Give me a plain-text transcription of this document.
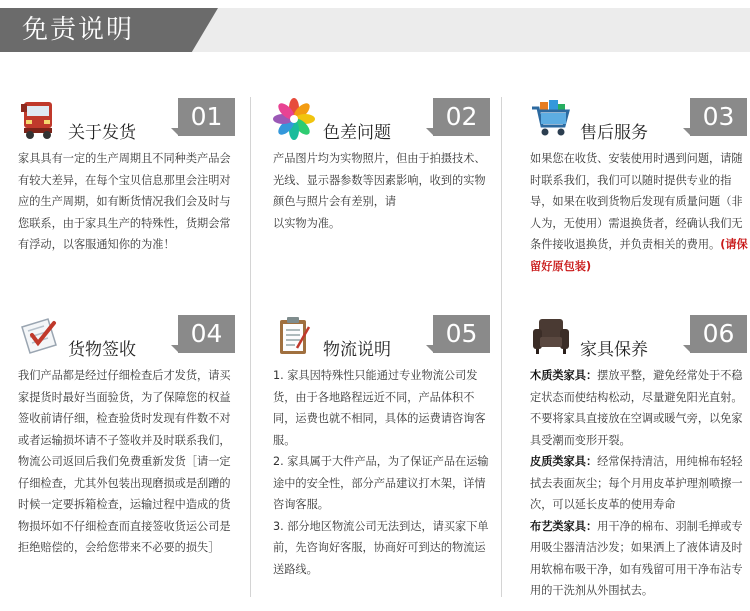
免责说明
关于发货
01
家具具有一定的生产周期且不同种类产品会有较大差异，在每个宝贝信息那里会注明对应的生产周期，如有断货情况我们会及时与您联系，由于家具生产的特殊性，货期会常有浮动，以客服通知你的为准！
色差问题
02
产品图片均为实物照片，但由于拍摄技术、光线、显示器参数等因素影响，收到的实物颜色与照片会有差别，请
以实物为准。
售后服务
03
如果您在收货、安装使用时遇到问题，请随时联系我们，我们可以随时提供专业的指导，如果在收到货物后发现有质量问题（非人为，无使用）需退换货者，经确认我们无条件接收退换货，并负责相关的费用。(请保留好原包装)
货物签收
04
我们产品都是经过仔细检查后才发货，请买家提货时最好当面验货，为了保障您的权益签收前请仔细，检查验货时发现有件数不对或者运输损坏请不子签收并及时联系我们，物流公司返回后我们免费重新发货［请一定仔细检查，尤其外包装出现磨损或是刮蹭的时候一定要拆箱检查，运输过程中造成的货物损坏如不仔细检查而直接签收货运公司是拒绝赔偿的，会给您带来不必要的损失］
物流说明
05
1. 家具因特殊性只能通过专业物流公司发货，由于各地路程远近不同，产品体积不同，运费也就不相同，具体的运费请咨询客服。
2. 家具属于大件产品，为了保证产品在运输途中的安全性，部分产品建议打木架，详情咨询客服。
3. 部分地区物流公司无法到达，请买家下单前，先咨询好客服，协商好可到达的物流运送路线。
家具保养
06

木质类家具：摆放平整，避免经常处于不稳定状态而使结构松动，尽量避免阳光直射。不要将家具直接放在空调或暖气旁，以免家具受潮而变形开裂。

皮质类家具：经常保持清洁，用纯棉布轻轻拭去表面灰尘；每个月用皮革护理剂喷擦一次，可以延长皮革的使用寿命

布艺类家具：用干净的棉布、羽制毛掸或专用吸尘器清洁沙发；如果洒上了液体请及时用软棉布吸干净，如有残留可用干净布沾专用的干洗剂从外围拭去。
